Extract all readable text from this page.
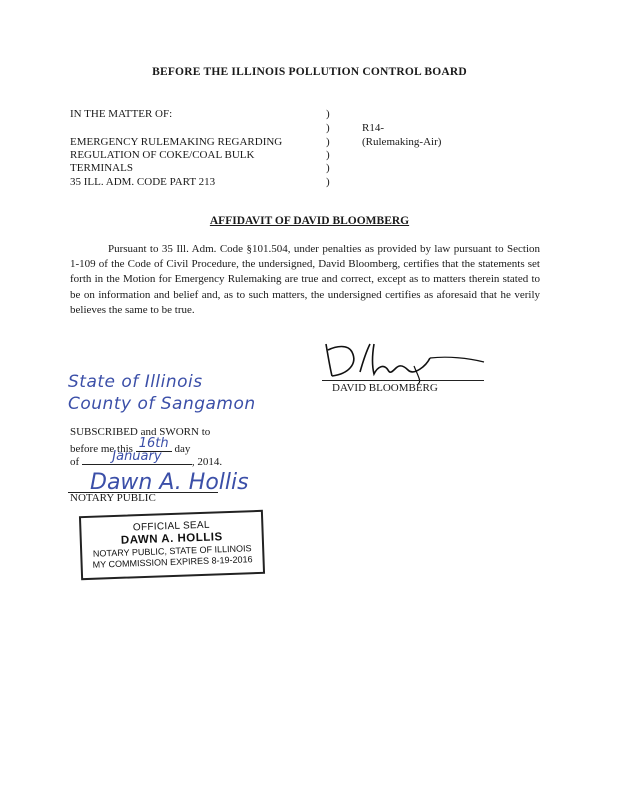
BEFORE THE ILLINOIS POLLUTION CONTROL BOARD
IN THE MATTER OF:
EMERGENCY RULEMAKING REGARDING
REGULATION OF COKE/COAL BULK
TERMINALS
35 ILL. ADM. CODE PART 213
)
)
)
)
)
)
R14-
(Rulemaking-Air)
AFFIDAVIT OF DAVID BLOOMBERG
Pursuant to 35 Ill. Adm. Code §101.504, under penalties as provided by law pursuant to Section 1-109 of the Code of Civil Procedure, the undersigned, David Bloomberg, certifies that the statements set forth in the Motion for Emergency Rulemaking are true and correct, except as to matters therein stated to be on information and belief and, as to such matters, the undersigned certifies as aforesaid that he verily believes the same to be true.
DAVID BLOOMBERG
State of Illinois
County of Sangamon
SUBSCRIBED and SWORN to
before me this 16th day
of	January	, 2014.
Dawn A. Hollis
NOTARY PUBLIC
OFFICIAL SEAL
DAWN A. HOLLIS
NOTARY PUBLIC, STATE OF ILLINOIS
MY COMMISSION EXPIRES 8-19-2016
